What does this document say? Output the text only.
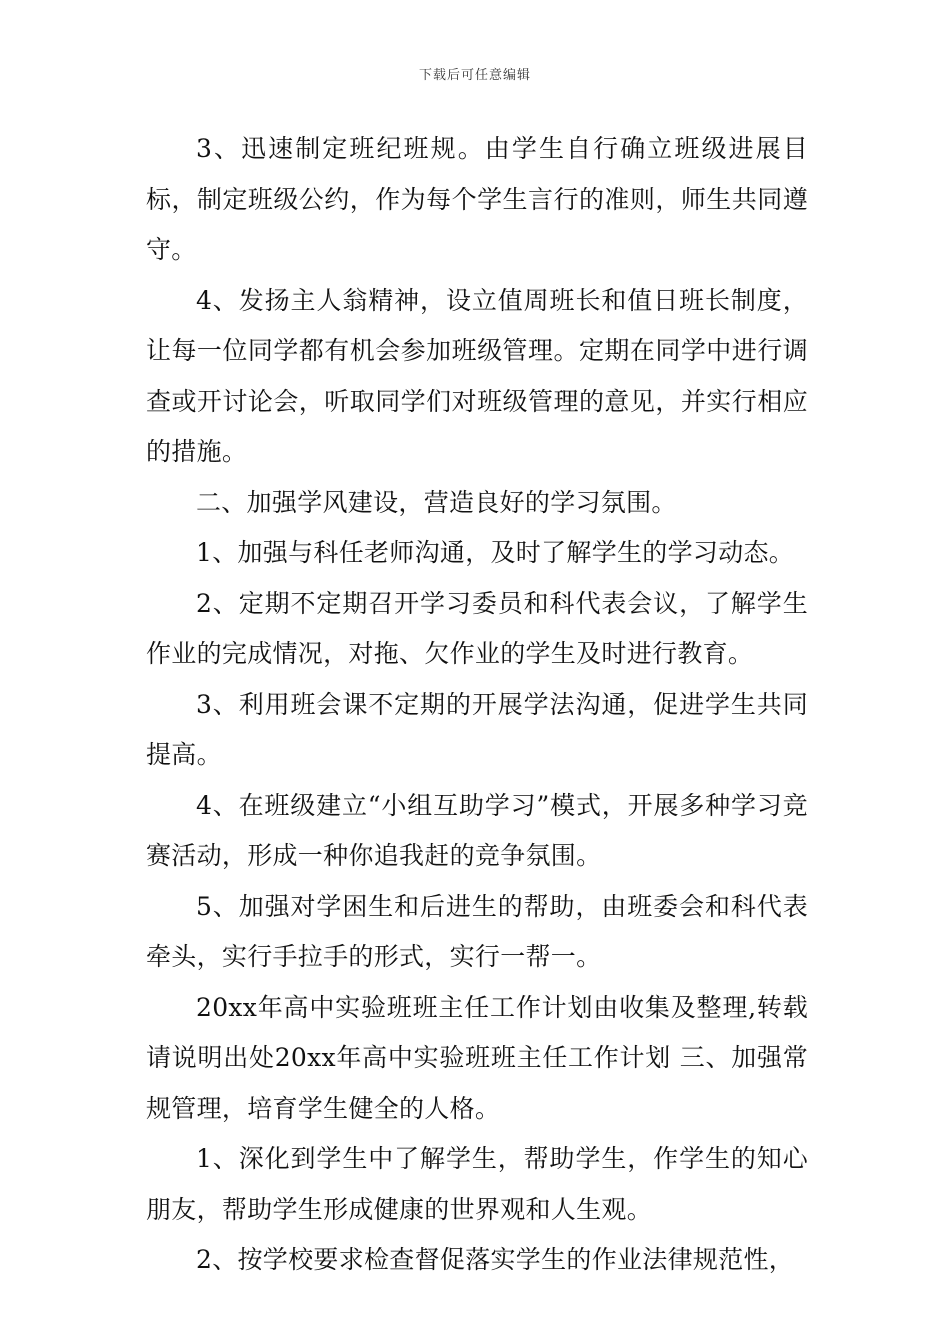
下载后可任意编辑

3、迅速制定班纪班规。由学生自行确立班级进展目标，制定班级公约，作为每个学生言行的准则，师生共同遵守。

4、发扬主人翁精神，设立值周班长和值日班长制度，让每一位同学都有机会参加班级管理。定期在同学中进行调查或开讨论会，听取同学们对班级管理的意见，并实行相应的措施。

二、加强学风建设，营造良好的学习氛围。

1、加强与科任老师沟通，及时了解学生的学习动态。

2、定期不定期召开学习委员和科代表会议，了解学生作业的完成情况，对拖、欠作业的学生及时进行教育。

3、利用班会课不定期的开展学法沟通，促进学生共同提高。

4、在班级建立“小组互助学习”模式，开展多种学习竞赛活动，形成一种你追我赶的竞争氛围。

5、加强对学困生和后进生的帮助，由班委会和科代表牵头，实行手拉手的形式，实行一帮一。

20xx年高中实验班班主任工作计划由收集及整理,转载请说明出处20xx年高中实验班班主任工作计划 三、加强常规管理，培育学生健全的人格。

1、深化到学生中了解学生，帮助学生，作学生的知心朋友，帮助学生形成健康的世界观和人生观。

2、按学校要求检查督促落实学生的作业法律规范性，
